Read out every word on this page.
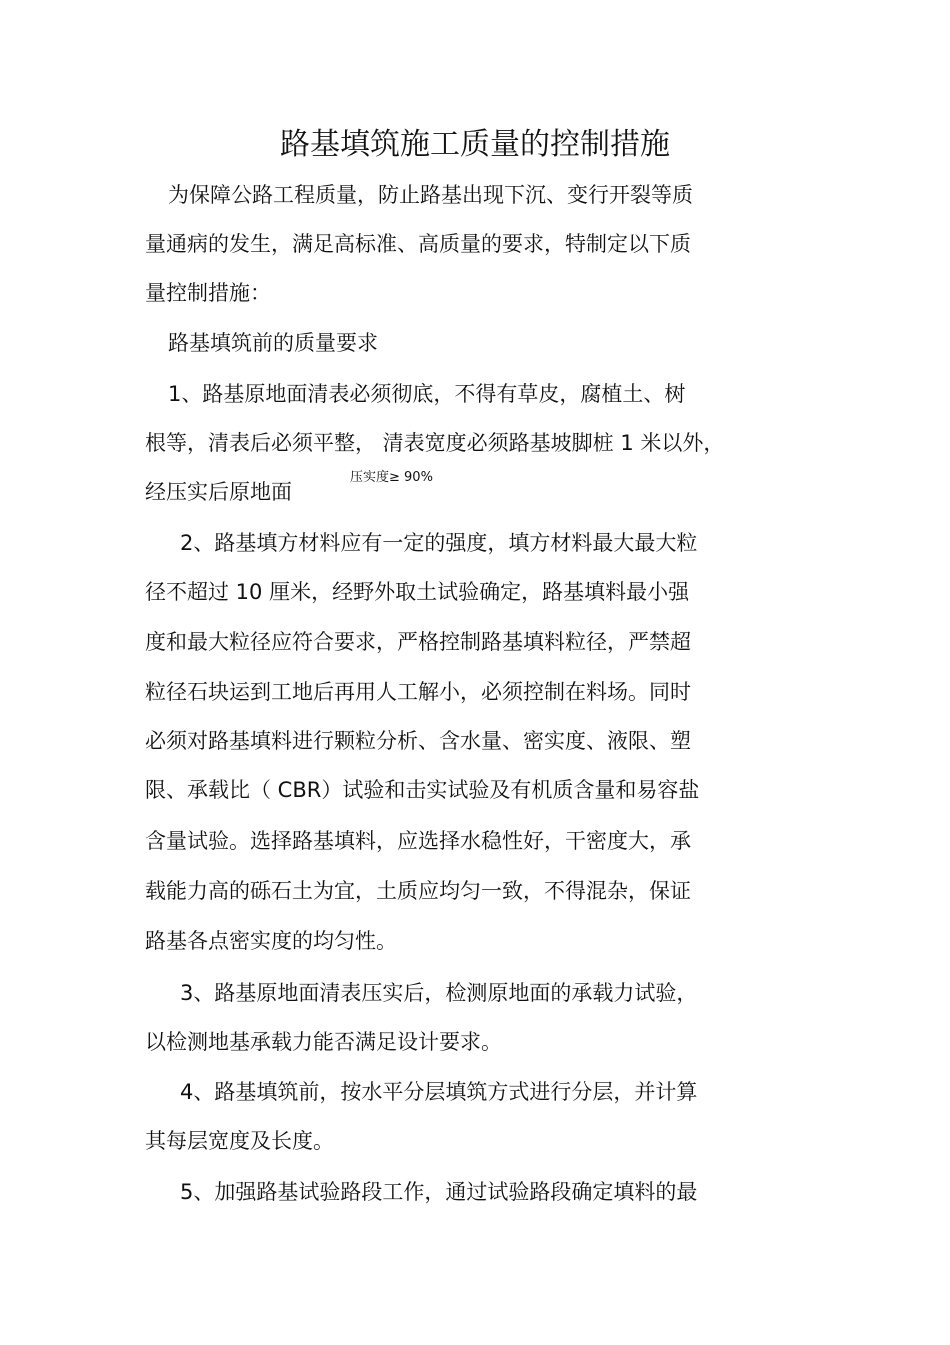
路基填筑施工质量的控制措施
为保障公路工程质量，防止路基出现下沉、变行开裂等质
量通病的发生，满足高标准、高质量的要求，特制定以下质
量控制措施：
路基填筑前的质量要求
1、路基原地面清表必须彻底，不得有草皮，腐植土、树
根等，清表后必须平整， 清表宽度必须路基坡脚桩 1 米以外，
经压实后原地面
压实度≥ 90%
2、路基填方材料应有一定的强度，填方材料最大最大粒
径不超过 10 厘米，经野外取土试验确定，路基填料最小强
度和最大粒径应符合要求，严格控制路基填料粒径，严禁超
粒径石块运到工地后再用人工解小，必须控制在料场。同时
必须对路基填料进行颗粒分析、含水量、密实度、液限、塑
限、承载比（ CBR）试验和击实试验及有机质含量和易容盐
含量试验。选择路基填料，应选择水稳性好，干密度大，承
载能力高的砾石土为宜，土质应均匀一致，不得混杂，保证
路基各点密实度的均匀性。
3、路基原地面清表压实后，检测原地面的承载力试验，
以检测地基承载力能否满足设计要求。
4、路基填筑前，按水平分层填筑方式进行分层，并计算
其每层宽度及长度。
5、加强路基试验路段工作，通过试验路段确定填料的最
